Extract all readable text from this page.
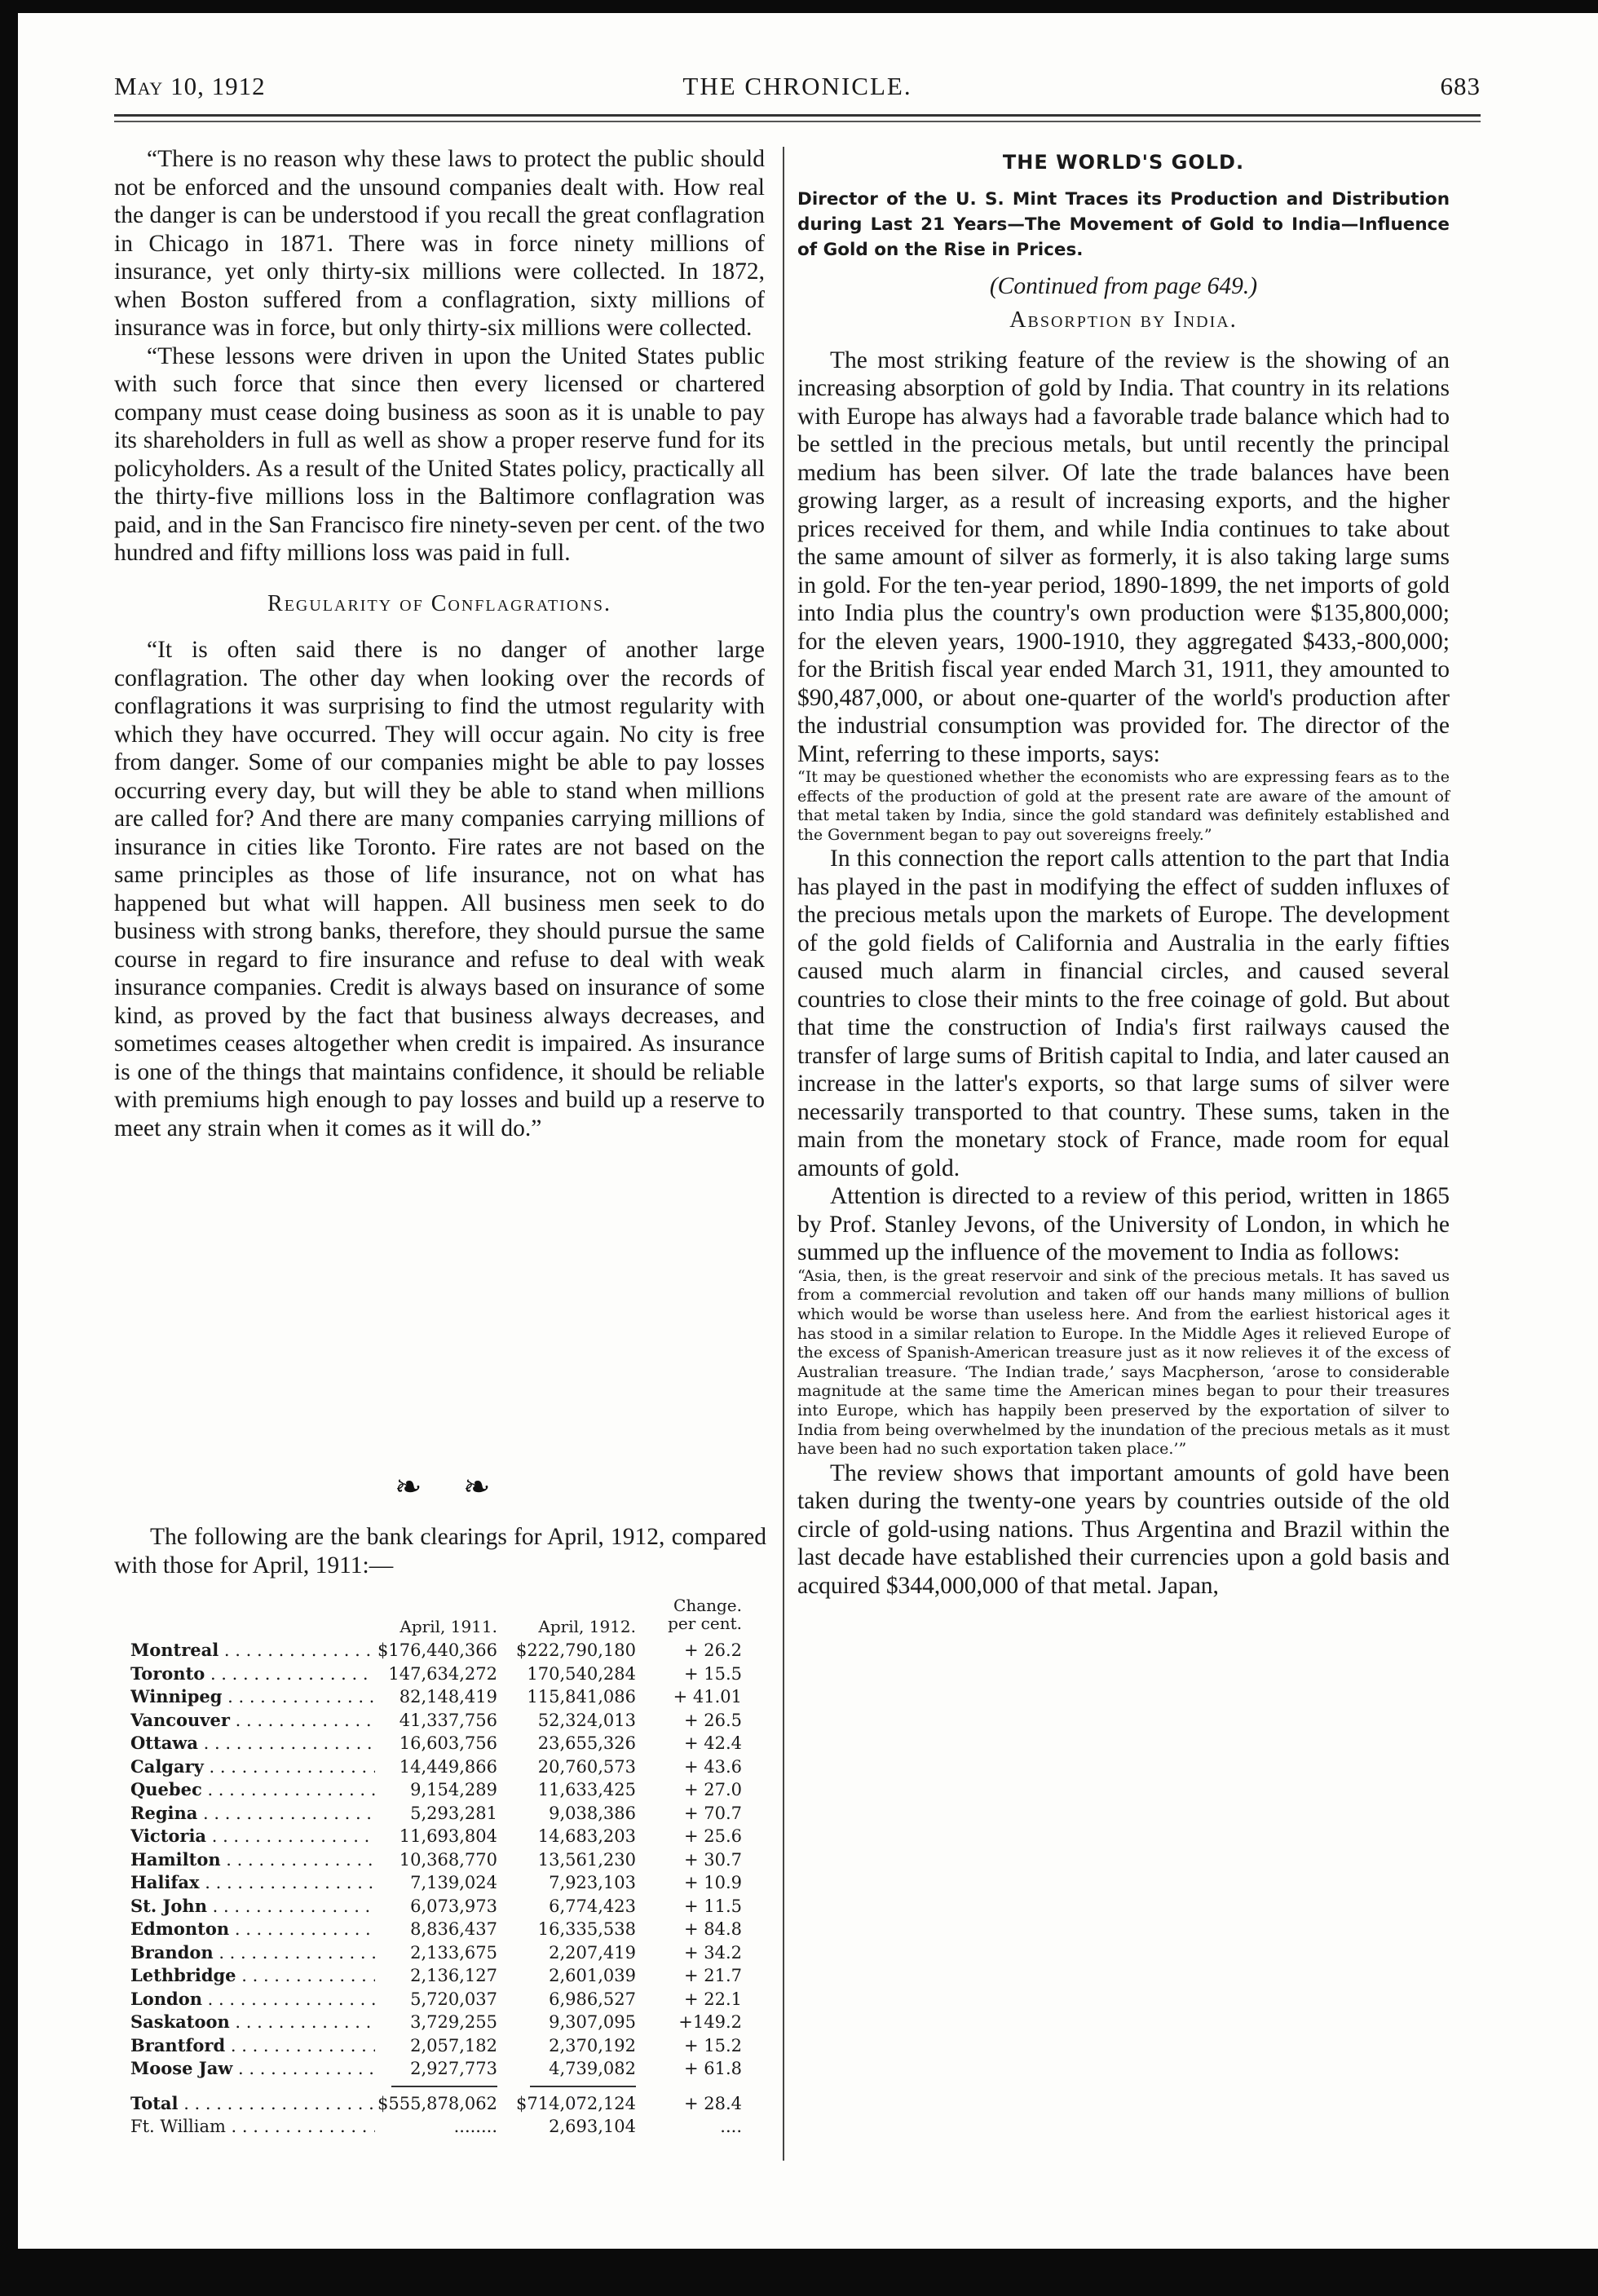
May 10, 1912	THE CHRONICLE.	683

“There is no reason why these laws to protect the public should not be enforced and the unsound companies dealt with. How real the danger is can be understood if you recall the great conflagration in Chicago in 1871. There was in force ninety millions of insurance, yet only thirty-six millions were collected. In 1872, when Boston suffered from a conflagration, sixty millions of insurance was in force, but only thirty-six millions were collected.

“These lessons were driven in upon the United States public with such force that since then every licensed or chartered company must cease doing business as soon as it is unable to pay its shareholders in full as well as show a proper reserve fund for its policyholders. As a result of the United States policy, practically all the thirty-five millions loss in the Baltimore conflagration was paid, and in the San Francisco fire ninety-seven per cent. of the two hundred and fifty millions loss was paid in full.

Regularity of Conflagrations.

“It is often said there is no danger of another large conflagration. The other day when looking over the records of conflagrations it was surprising to find the utmost regularity with which they have occurred. They will occur again. No city is free from danger. Some of our companies might be able to pay losses occurring every day, but will they be able to stand when millions are called for? And there are many companies carrying millions of insurance in cities like Toronto. Fire rates are not based on the same principles as those of life insurance, not on what has happened but what will happen. All business men seek to do business with strong banks, therefore, they should pursue the same course in regard to fire insurance and refuse to deal with weak insurance companies. Credit is always based on insurance of some kind, as proved by the fact that business always decreases, and sometimes ceases altogether when credit is impaired. As insurance is one of the things that maintains confidence, it should be reliable with premiums high enough to pay losses and build up a reserve to meet any strain when it comes as it will do.”

❧ ❧

The following are the bank clearings for April, 1912, compared with those for April, 1911:—

April, 1911.	April, 1912.
Change. per cent.
Montreal . . .	$176,440,366 $222,790,180	+ 26.2
Toronto . . .	147,634,272	170,540,284	+ 15.5
Winnipeg . . .	82,148,419	115,841,086	+ 41.01
Vancouver . . .	41,337,756	52,324,013	+ 26.5
Ottawa . . .	16,603,756	23,655,326	+ 42.4
Calgary . . .	14,449,866	20,760,573	+ 43.6
Quebec . . .	9,154,289	11,633,425	+ 27.0
Regina . . .	5,293,281	9,038,386	+ 70.7
Victoria . . .	11,693,804	14,683,203	+ 25.6
Hamilton . . .	10,368,770	13,561,230	+ 30.7
Halifax . . .	7,139,024	7,923,103	+ 10.9
St. John . . .	6,073,973	6,774,423	+ 11.5
Edmonton . . .	8,836,437	16,335,538	+ 84.8
Brandon . . .	2,133,675	2,207,419	+ 34.2
Lethbridge . . .	2,136,127	2,601,039	+ 21.7
London . . .	5,720,037	6,986,527	+ 22.1
Saskatoon . . .	3,729,255	9,307,095	+149.2
Brantford . . .	2,057,182	2,370,192	+ 15.2
Moose Jaw . . .	2,927,773	4,739,082	+ 61.8
Total . . .	$555,878,062 $714,072,124	+ 28.4
Ft. William . . .	........	2,693,104	....

THE WORLD'S GOLD.

Director of the U. S. Mint Traces its Production and Distribution during Last 21 Years—The Movement of Gold to India—Influence of Gold on the Rise in Prices.

(Continued from page 649.)

Absorption by India.

The most striking feature of the review is the showing of an increasing absorption of gold by India. That country in its relations with Europe has always had a favorable trade balance which had to be settled in the precious metals, but until recently the principal medium has been silver. Of late the trade balances have been growing larger, as a result of increasing exports, and the higher prices received for them, and while India continues to take about the same amount of silver as formerly, it is also taking large sums in gold. For the ten-year period, 1890-1899, the net imports of gold into India plus the country's own production were $135,800,000; for the eleven years, 1900-1910, they aggregated $433,-800,000; for the British fiscal year ended March 31, 1911, they amounted to $90,487,000, or about one-quarter of the world's production after the industrial consumption was provided for. The director of the Mint, referring to these imports, says:

“It may be questioned whether the economists who are expressing fears as to the effects of the production of gold at the present rate are aware of the amount of that metal taken by India, since the gold standard was definitely established and the Government began to pay out sovereigns freely.”

In this connection the report calls attention to the part that India has played in the past in modifying the effect of sudden influxes of the precious metals upon the markets of Europe. The development of the gold fields of California and Australia in the early fifties caused much alarm in financial circles, and caused several countries to close their mints to the free coinage of gold. But about that time the construction of India's first railways caused the transfer of large sums of British capital to India, and later caused an increase in the latter's exports, so that large sums of silver were necessarily transported to that country. These sums, taken in the main from the monetary stock of France, made room for equal amounts of gold.

Attention is directed to a review of this period, written in 1865 by Prof. Stanley Jevons, of the University of London, in which he summed up the influence of the movement to India as follows:

“Asia, then, is the great reservoir and sink of the precious metals. It has saved us from a commercial revolution and taken off our hands many millions of bullion which would be worse than useless here. And from the earliest historical ages it has stood in a similar relation to Europe. In the Middle Ages it relieved Europe of the excess of Spanish-American treasure just as it now relieves it of the excess of Australian treasure. ‘The Indian trade,’ says Macpherson, ‘arose to considerable magnitude at the same time the American mines began to pour their treasures into Europe, which has happily been preserved by the exportation of silver to India from being overwhelmed by the inundation of the precious metals as it must have been had no such exportation taken place.’”

The review shows that important amounts of gold have been taken during the twenty-one years by countries outside of the old circle of gold-using nations. Thus Argentina and Brazil within the last decade have established their currencies upon a gold basis and acquired $344,000,000 of that metal. Japan,
